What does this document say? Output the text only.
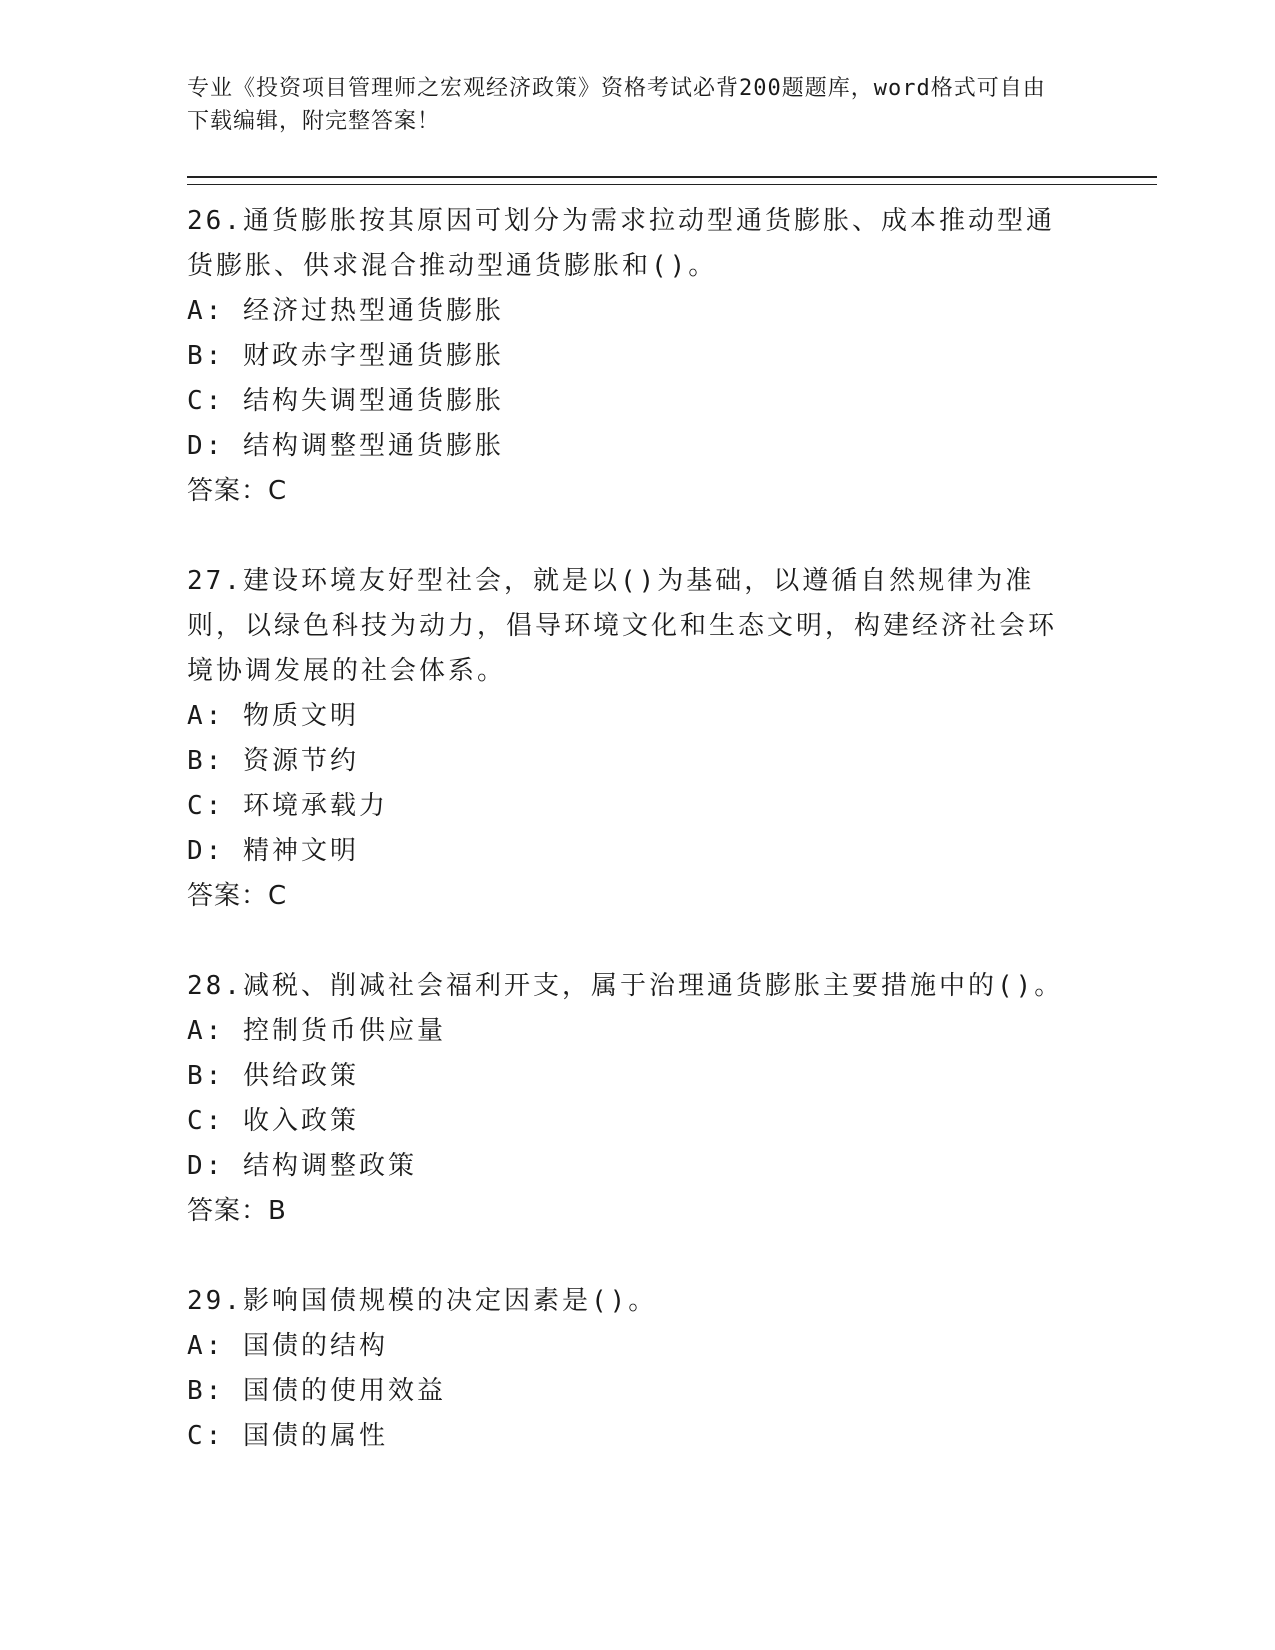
专业《投资项目管理师之宏观经济政策》资格考试必背200题题库，word格式可自由下载编辑，附完整答案！

26.通货膨胀按其原因可划分为需求拉动型通货膨胀、成本推动型通货膨胀、供求混合推动型通货膨胀和()。

A: 经济过热型通货膨胀

B: 财政赤字型通货膨胀

C: 结构失调型通货膨胀

D: 结构调整型通货膨胀

答案：C

27.建设环境友好型社会，就是以()为基础，以遵循自然规律为准则，以绿色科技为动力，倡导环境文化和生态文明，构建经济社会环境协调发展的社会体系。

A: 物质文明

B: 资源节约

C: 环境承载力

D: 精神文明

答案：C

28.减税、削减社会福利开支，属于治理通货膨胀主要措施中的()。

A: 控制货币供应量

B: 供给政策

C: 收入政策

D: 结构调整政策

答案：B

29.影响国债规模的决定因素是()。

A: 国债的结构

B: 国债的使用效益

C: 国债的属性
